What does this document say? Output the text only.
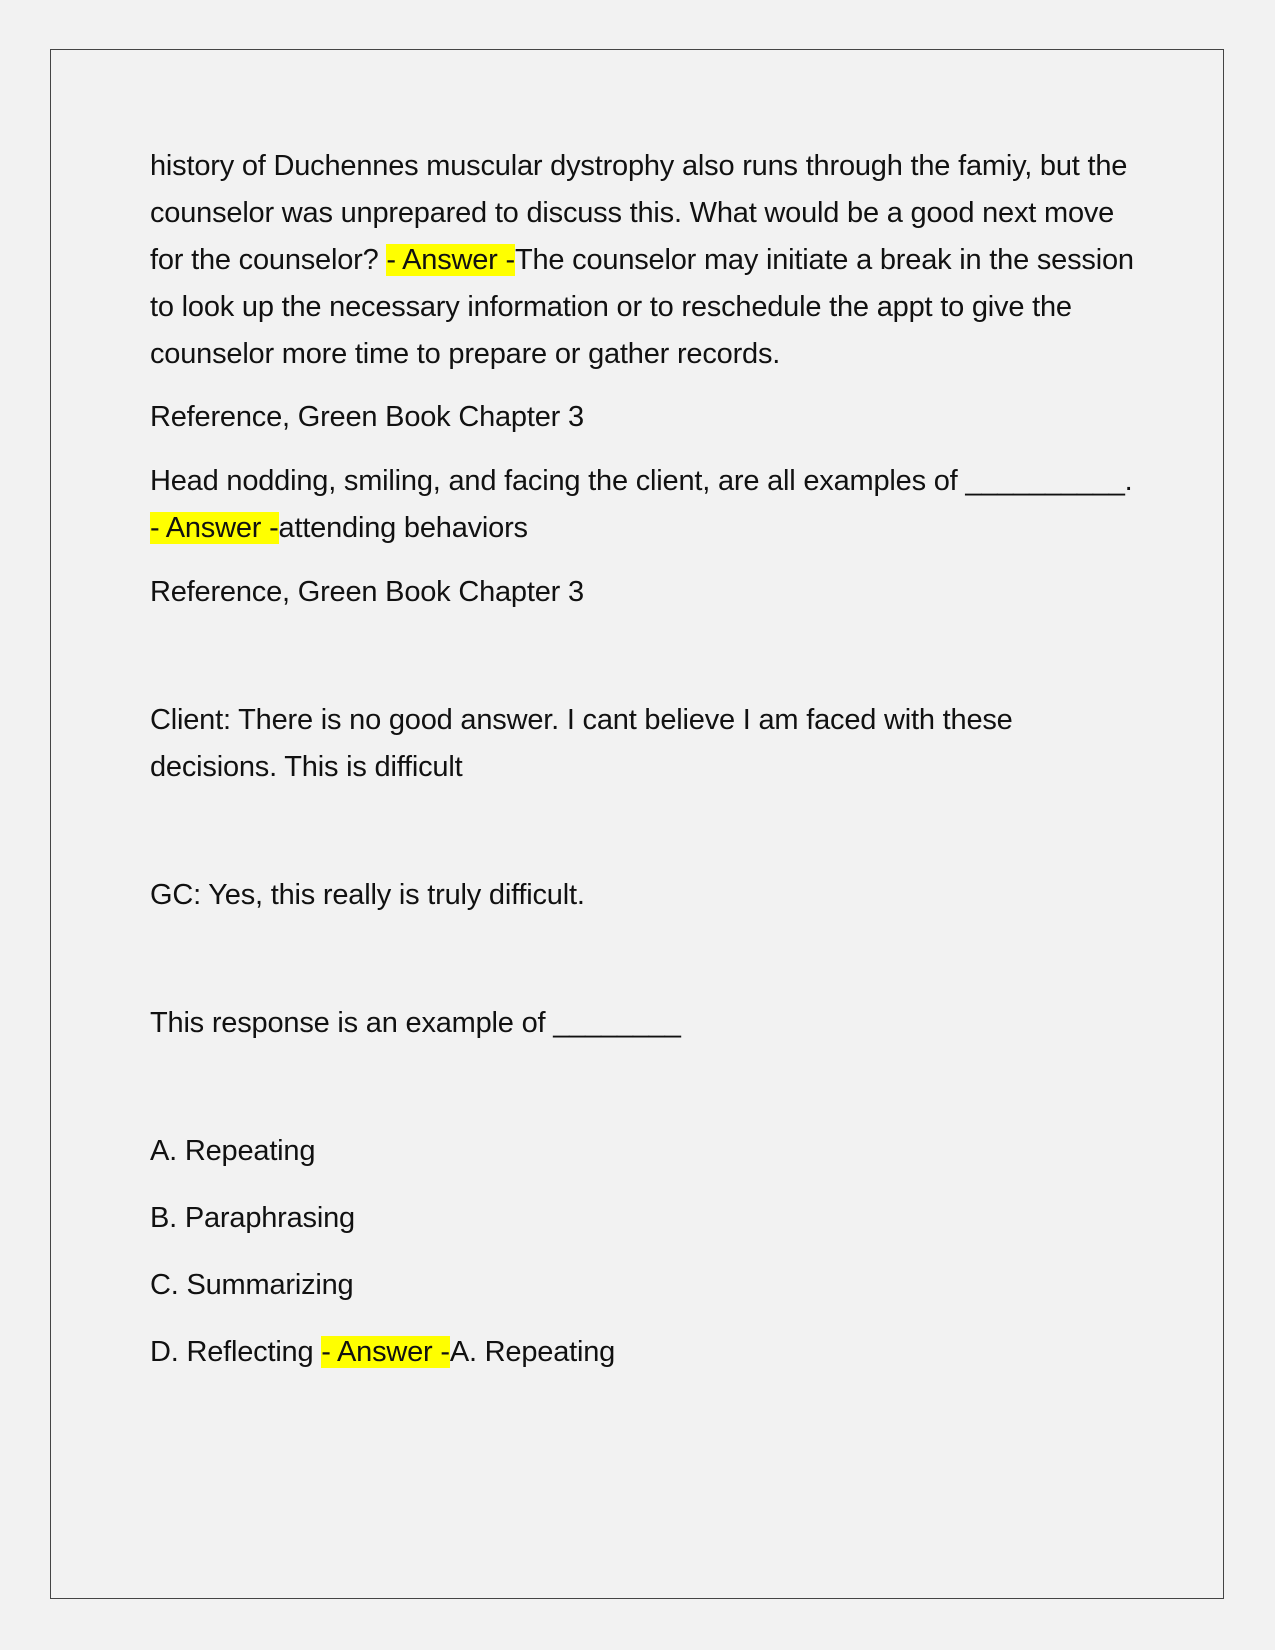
history of Duchennes muscular dystrophy also runs through the famiy, but the counselor was unprepared to discuss this. What would be a good next move for the counselor? - Answer -The counselor may initiate a break in the session to look up the necessary information or to reschedule the appt to give the counselor more time to prepare or gather records.

Reference, Green Book Chapter 3

Head nodding, smiling, and facing the client, are all examples of __________. - Answer -attending behaviors

Reference, Green Book Chapter 3

Client: There is no good answer. I cant believe I am faced with these decisions. This is difficult

GC: Yes, this really is truly difficult.

This response is an example of ________

A. Repeating

B. Paraphrasing

C. Summarizing

D. Reflecting - Answer -A. Repeating
